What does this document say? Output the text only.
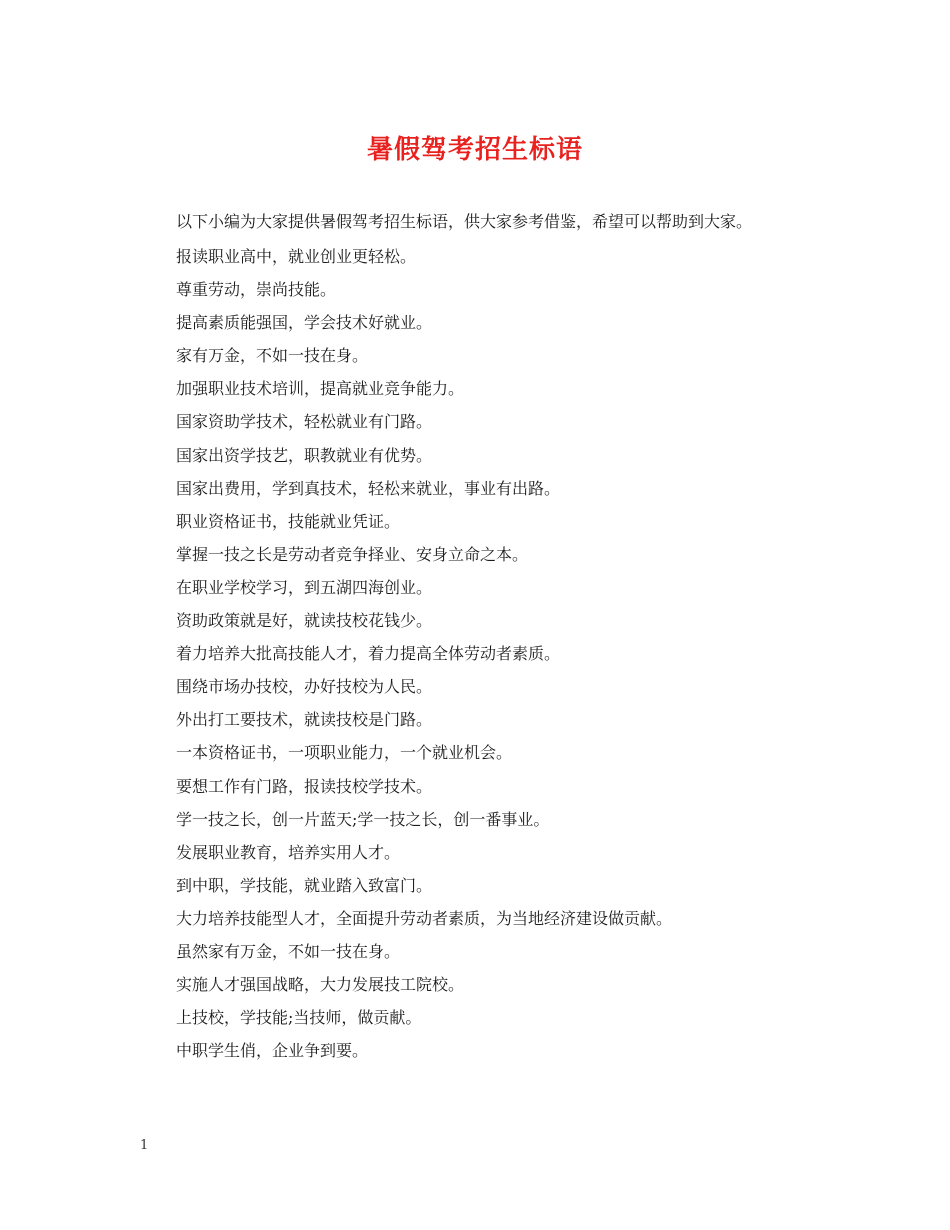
暑假驾考招生标语

以下小编为大家提供暑假驾考招生标语，供大家参考借鉴，希望可以帮助到大家。

报读职业高中，就业创业更轻松。
尊重劳动，崇尚技能。
提高素质能强国，学会技术好就业。
家有万金，不如一技在身。
加强职业技术培训，提高就业竞争能力。
国家资助学技术，轻松就业有门路。
国家出资学技艺，职教就业有优势。
国家出费用，学到真技术，轻松来就业，事业有出路。
职业资格证书，技能就业凭证。
掌握一技之长是劳动者竞争择业、安身立命之本。
在职业学校学习，到五湖四海创业。
资助政策就是好，就读技校花钱少。
着力培养大批高技能人才，着力提高全体劳动者素质。
围绕市场办技校，办好技校为人民。
外出打工要技术，就读技校是门路。
一本资格证书，一项职业能力，一个就业机会。
要想工作有门路，报读技校学技术。
学一技之长，创一片蓝天;学一技之长，创一番事业。
发展职业教育，培养实用人才。
到中职，学技能，就业踏入致富门。
大力培养技能型人才，全面提升劳动者素质，为当地经济建设做贡献。
虽然家有万金，不如一技在身。
实施人才强国战略，大力发展技工院校。
上技校，学技能;当技师，做贡献。
中职学生俏，企业争到要。
1
